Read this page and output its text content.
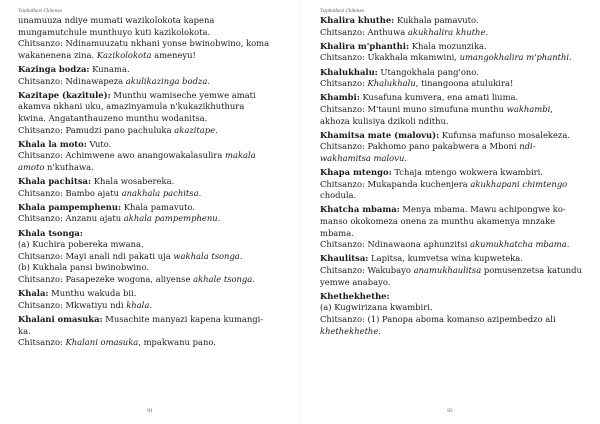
Tsiphathezi Chilenso

unamuuza ndiye mumati wazikolokota kapena mungamutchule munthuyo kuti kazikolokota.

Chitsanzo: Ndinamuuzatu nkhani yonse bwinobwino, koma wakanenena zina. Kazikolokota ameneyu!

Kazinga bodza: Kunama.

Chitsanzo: Ndinawapeza akulikazinga bodza.

Kazitape (kazitule): Munthu wamiseche yemwe amati akamva nkhani uku, amazinyamula n'kukazikhuthura kwina. Angatanthauzeno munthu wodanitsa.

Chitsanzo: Pamudzi pano pachuluka akazitape.

Khala la moto: Vuto.

Chitsanzo: Achimwene awo anangowakalasulira makala amoto n'kuthawa.

Khala pachitsa: Khala wosabereka.

Chitsanzo: Bambo ajatu anakhala pachitsa.

Khala pampemphenu: Khala pamavuto.

Chitsanzo: Anzanu ajatu akhala pampemphenu.

Khala tsonga:

(a) Kuchira pobereka mwana.

Chitsanzo: Mayi anali ndi pakati uja wakhala tsonga.

(b) Kukhala pansi bwinobwino.

Chitsanzo: Pasapezeke wogona, aliyense akhale tsonga.

Khala: Munthu wakuda bii.

Chitsanzo: Mkwatiyu ndi khala.

Khalani omasuka: Musachite manyazi kapena kumangi-ka.

Chitsanzo: Khalani omasuka, mpakwanu pano.

91
Tsiphathezi Chilenso

Khalira khuthe: Kukhala pamavuto.

Chitsanzo: Anthuwa akukhalira khuthe.

Khalira m'phanthi: Khala mozunzika.

Chitsanzo: Ukakhala mkamwini, umangokhalira m'phanthi.

Khalukhalu: Utangokhala pang'ono.

Chitsanzo: Khalukhalu, tinangoona atulukira!

Khambi: Kusafuna kumvera, ena amati liuma.

Chitsanzo: M'tauni muno simufuna munthu wakhambi, akhoza kulisiya dzikoli ndithu.

Khamitsa mate (malovu): Kufunsa mafunso mosalekeza.

Chitsanzo: Pakhomo pano pakabwera a Mboni ndi-wakhamitsa malovu.

Khapa mtengo: Tchaja mtengo wokwera kwambiri.

Chitsanzo: Mukapanda kuchenjera akukhapani chimtengo chodula.

Khatcha mbama: Menya mbama. Mawu achipongwe ko-manso okokomeza onena za munthu akamenya mnzake mbama.

Chitsanzo: Ndinawaona aphunzitsi akumukhatcha mbama.

Khaulitsa: Lapitsa, kumvetsa wina kupweteka.

Chitsanzo: Wakubayo anamukhaulitsa pomusenzetsa katundu yemwe anabayo.

Khethekhethe:

(a) Kugwirizana kwambiri.

Chitsanzo: (1) Panopa aboma komanso azipembedzo ali khethekhethe.

92
